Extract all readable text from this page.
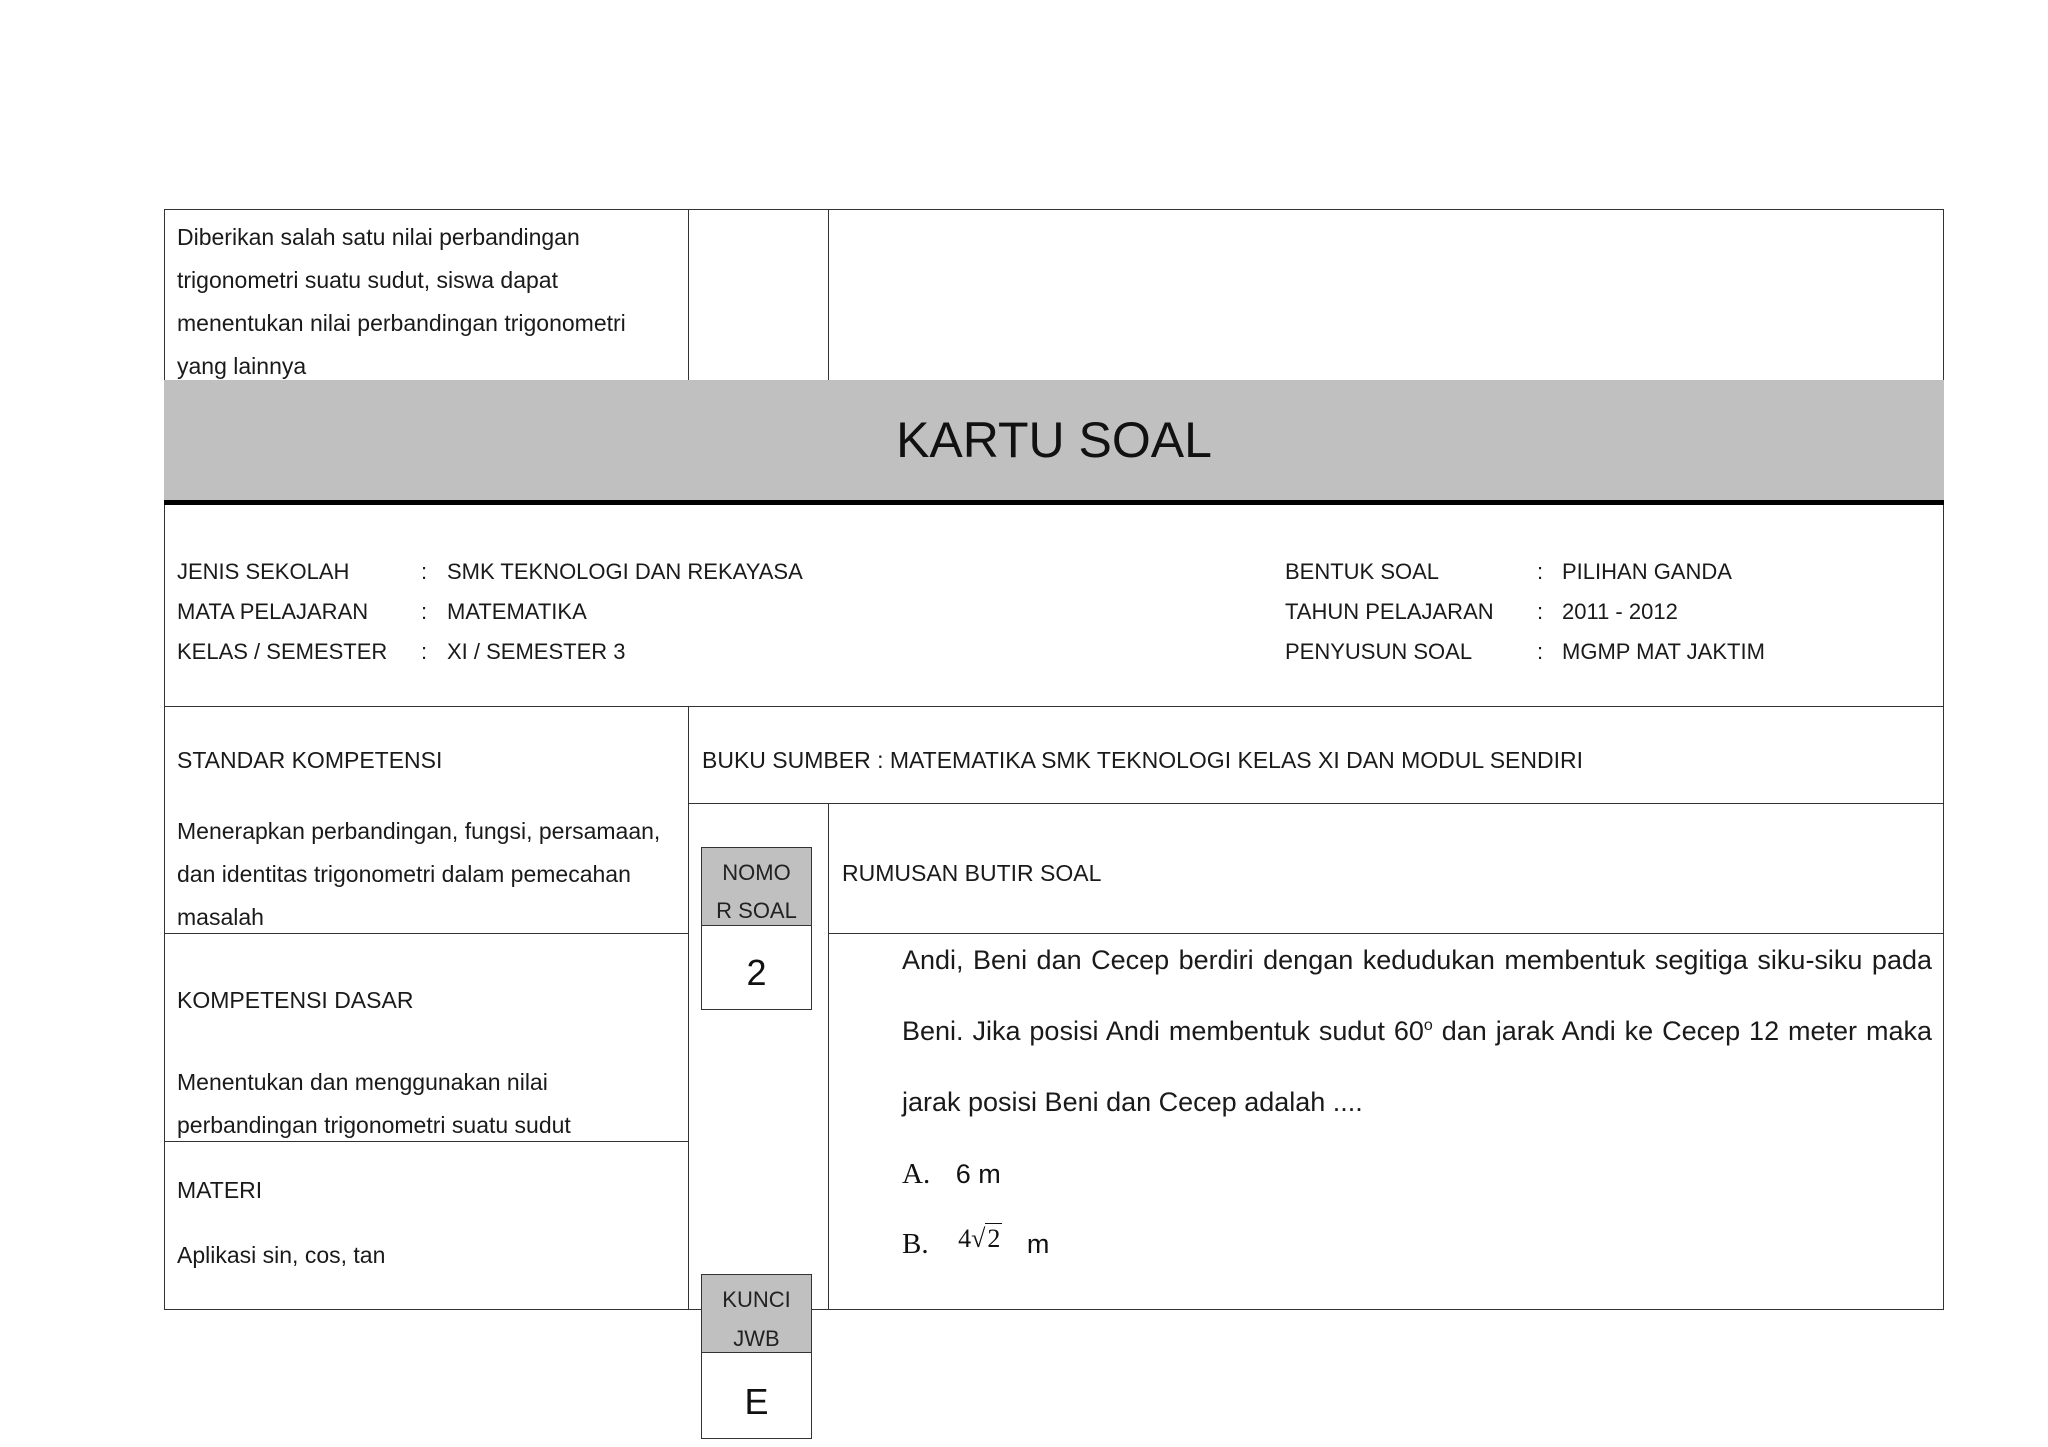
Diberikan salah satu nilai perbandingan trigonometri suatu sudut, siswa dapat menentukan nilai perbandingan trigonometri yang lainnya
KARTU SOAL
JENIS SEKOLAH	: SMK TEKNOLOGI DAN REKAYASA
MATA PELAJARAN : MATEMATIKA
KELAS / SEMESTER : XI / SEMESTER 3
BENTUK SOAL	: PILIHAN GANDA
TAHUN PELAJARAN : 2011 - 2012
PENYUSUN SOAL	: MGMP MAT JAKTIM
STANDAR KOMPETENSI
Menerapkan perbandingan, fungsi, persamaan, dan identitas trigonometri dalam pemecahan masalah
KOMPETENSI DASAR
Menentukan dan menggunakan nilai perbandingan trigonometri suatu sudut
MATERI
Aplikasi sin, cos, tan
BUKU SUMBER : MATEMATIKA SMK TEKNOLOGI KELAS XI DAN MODUL SENDIRI
NOMO
R SOAL
2
KUNCI
JWB
E
RUMUSAN BUTIR SOAL
Andi, Beni dan Cecep berdiri dengan kedudukan membentuk segitiga siku-siku pada
Beni. Jika posisi Andi membentuk sudut 60$^o$ dan jarak Andi ke Cecep 12 meter maka
jarak posisi Beni dan Cecep adalah ....
A. 6 m
B. 4√2 m
